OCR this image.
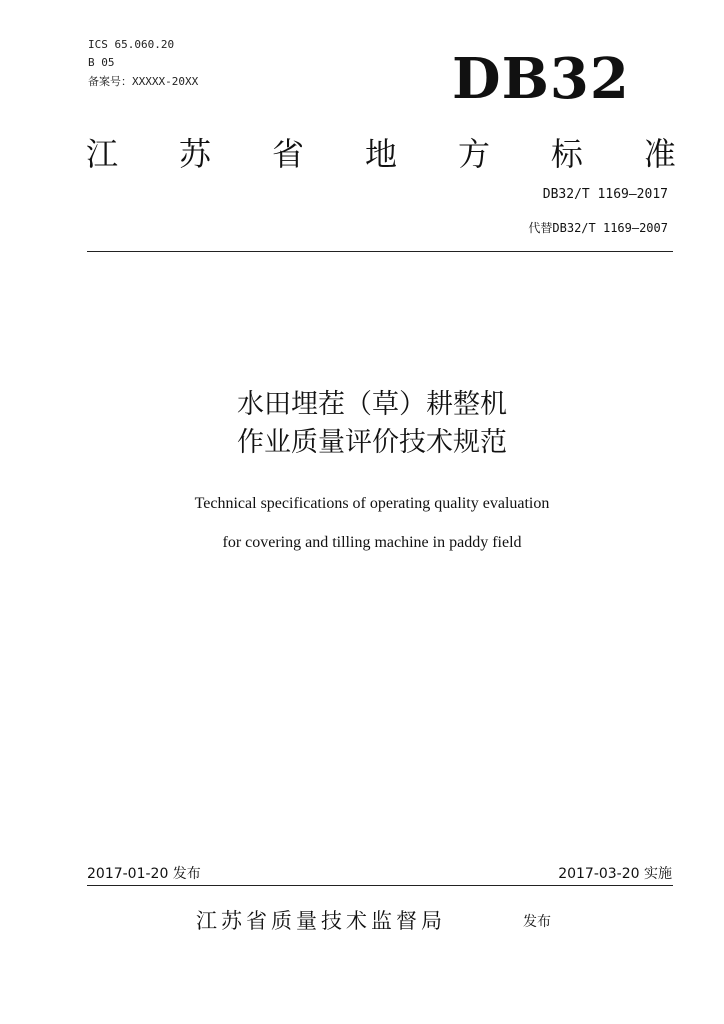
ICS 65.060.20
B 05
备案号：XXXXX-20XX	DB32
江 苏 省 地 方 标 准
DB32/T 1169—2017
代替DB32/T 1169—2007
水田埋茬（草）耕整机
作业质量评价技术规范
Technical specifications of operating quality evaluation
for covering and tilling machine in paddy field
2017-01-20 发布	2017-03-20 实施
江苏省质量技术监督局	发布
